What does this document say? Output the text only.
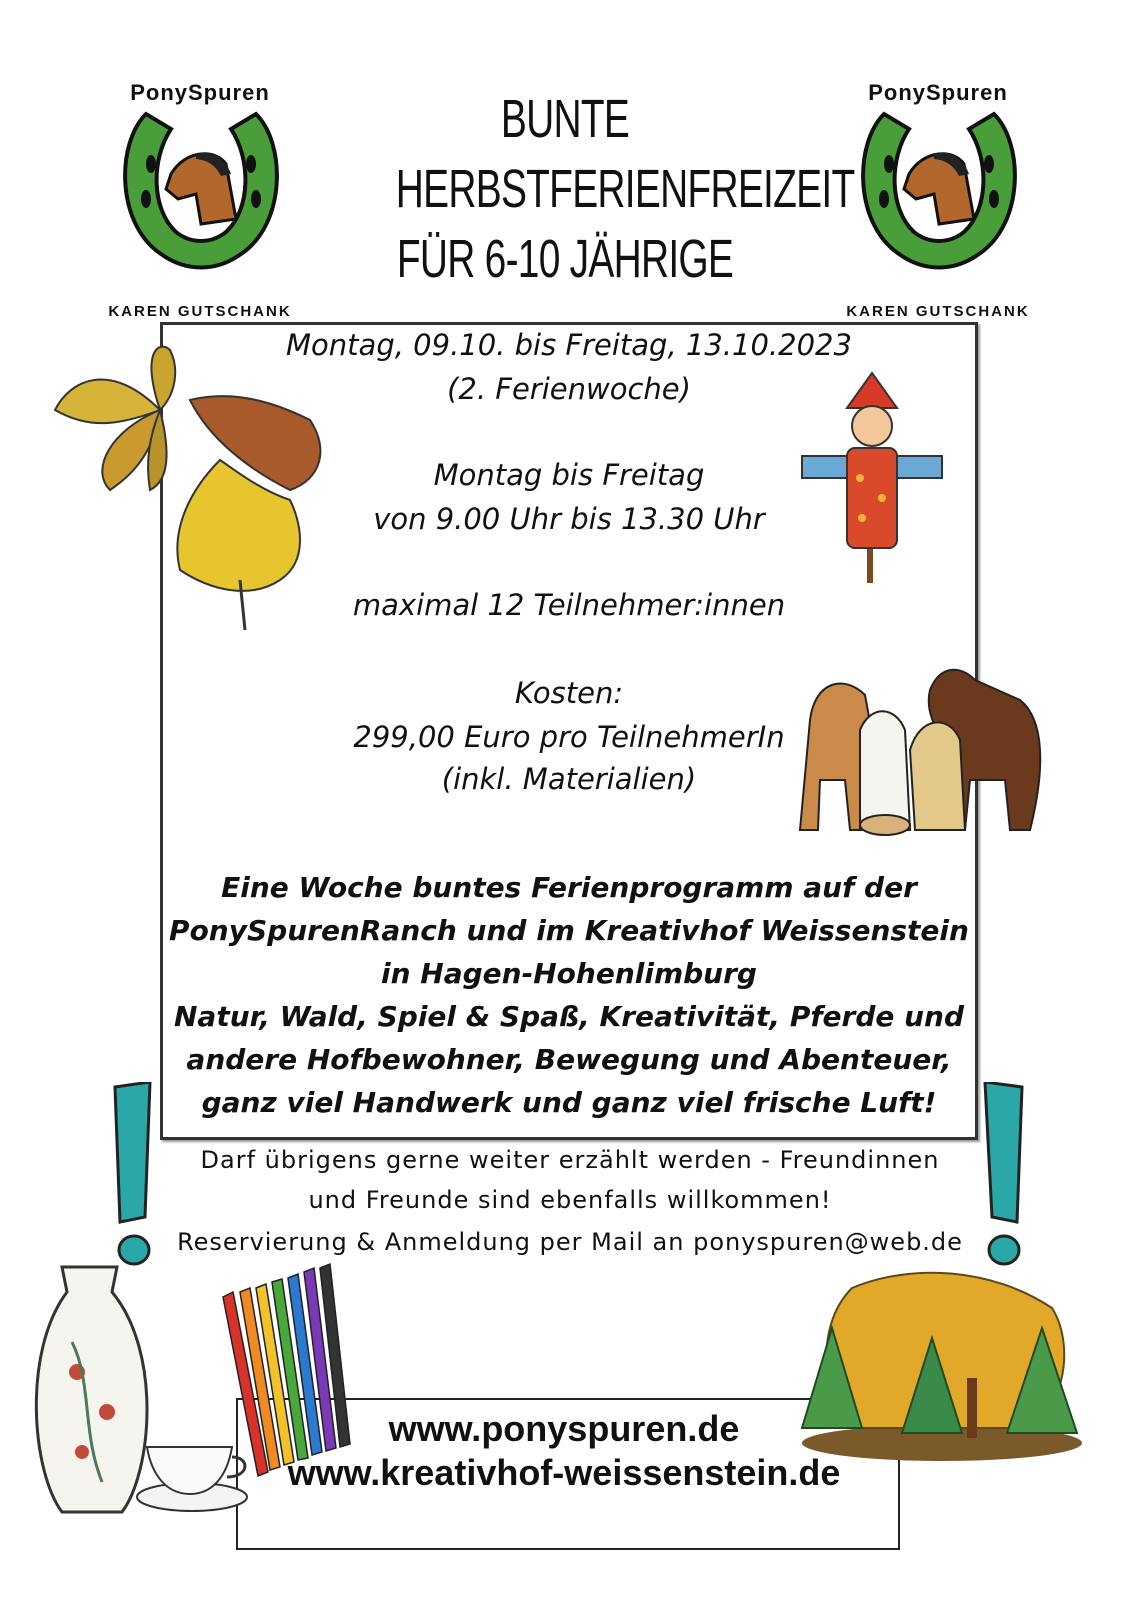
PonySpuren
KAREN GUTSCHANK
PonySpuren
KAREN GUTSCHANK
BUNTE
HERBSTFERIENFREIZEIT
FÜR 6-10 JÄHRIGE
Montag, 09.10. bis Freitag, 13.10.2023
(2. Ferienwoche)
Montag bis Freitag
von 9.00 Uhr bis 13.30 Uhr
maximal 12 Teilnehmer:innen
Kosten:
299,00 Euro pro TeilnehmerIn
(inkl. Materialien)
Eine Woche buntes Ferienprogramm auf der
PonySpurenRanch und im Kreativhof Weissenstein
in Hagen-Hohenlimburg
Natur, Wald, Spiel & Spaß, Kreativität, Pferde und
andere Hofbewohner, Bewegung und Abenteuer,
ganz viel Handwerk und ganz viel frische Luft!
Darf übrigens gerne weiter erzählt werden - Freundinnen
und Freunde sind ebenfalls willkommen!
Reservierung & Anmeldung per Mail an ponyspuren@web.de
www.ponyspuren.de
www.kreativhof-weissenstein.de
